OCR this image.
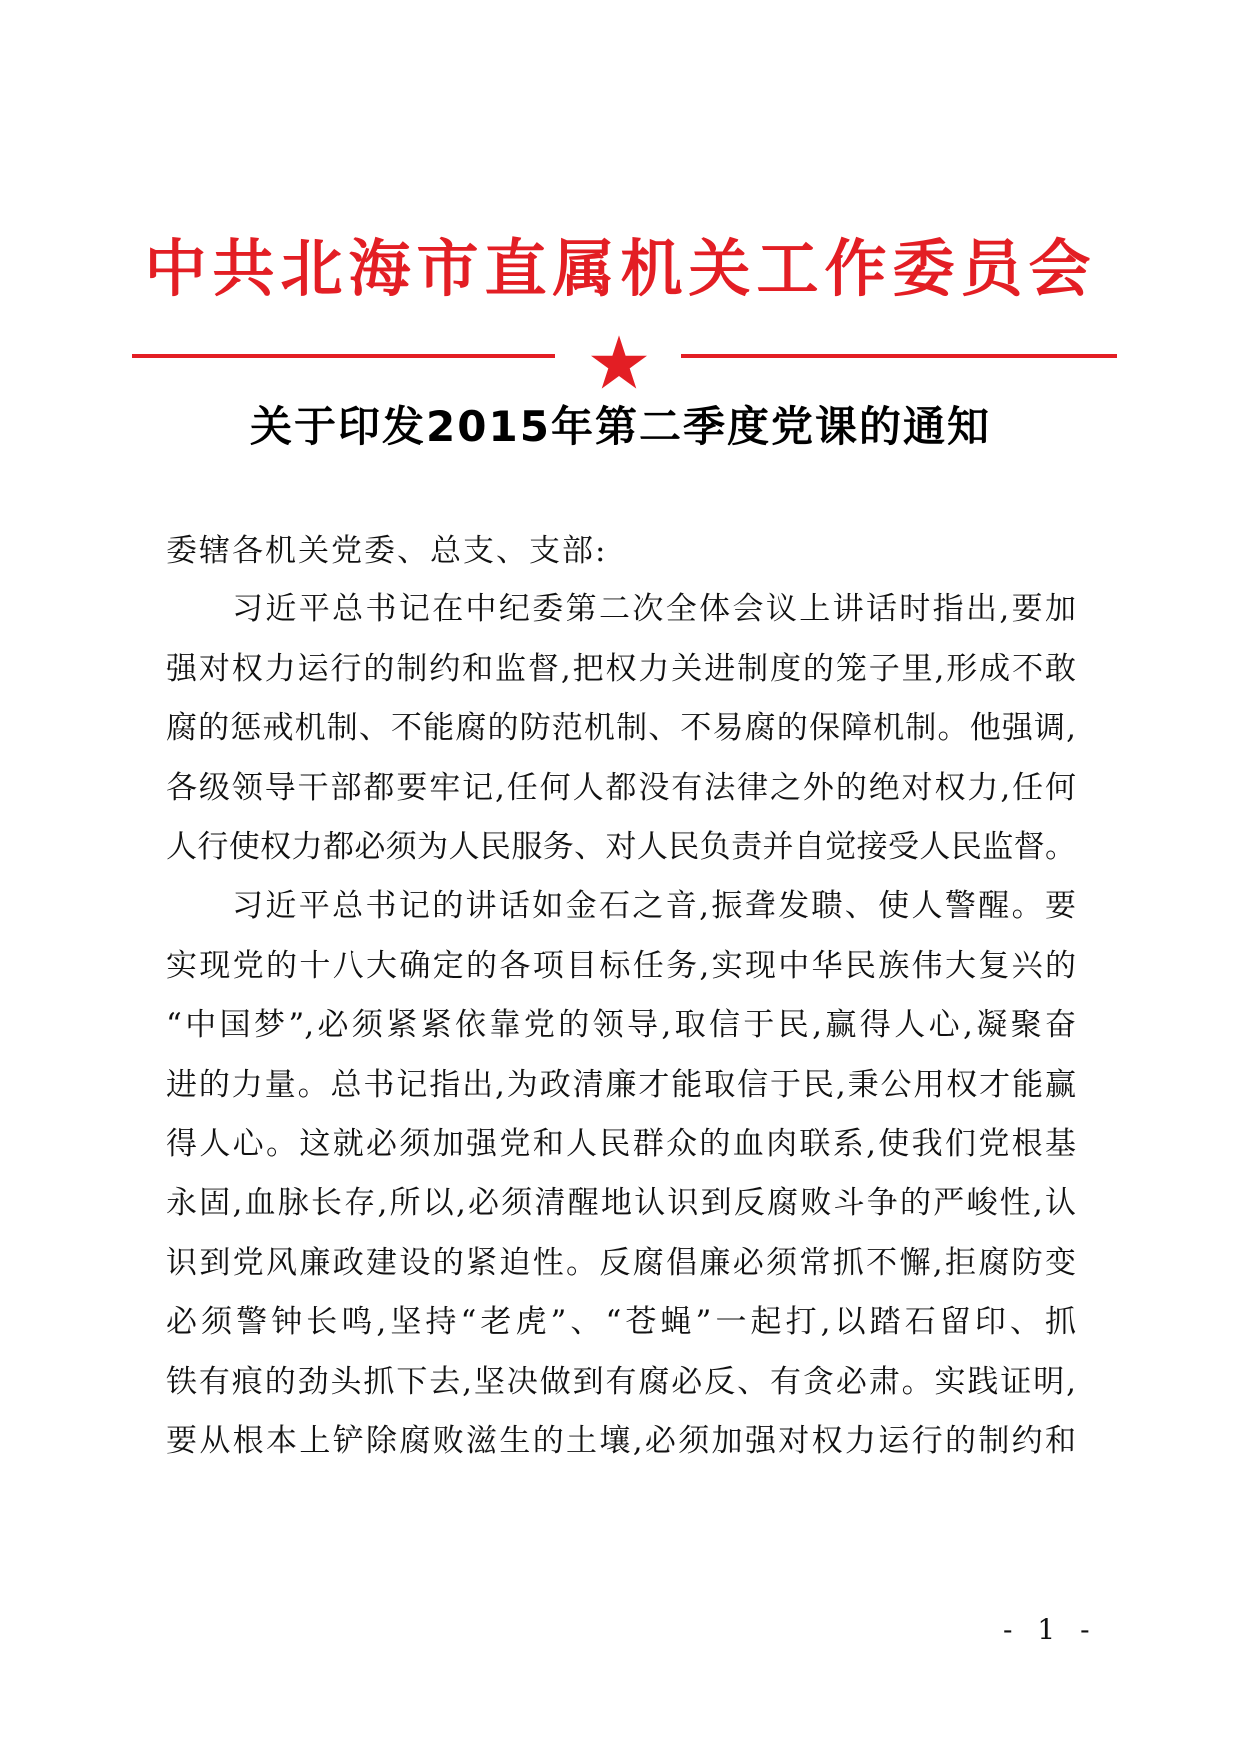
中共北海市直属机关工作委员会
关于印发2015年第二季度党课的通知
委辖各机关党委、总支、支部:
习近平总书记在中纪委第二次全体会议上讲话时指出,要加
强对权力运行的制约和监督,把权力关进制度的笼子里,形成不敢
腐的惩戒机制、不能腐的防范机制、不易腐的保障机制。他强调,
各级领导干部都要牢记,任何人都没有法律之外的绝对权力,任何
人行使权力都必须为人民服务、对人民负责并自觉接受人民监督。
习近平总书记的讲话如金石之音,振聋发聩、使人警醒。要
实现党的十八大确定的各项目标任务,实现中华民族伟大复兴的
“中国梦”,必须紧紧依靠党的领导,取信于民,赢得人心,凝聚奋
进的力量。总书记指出,为政清廉才能取信于民,秉公用权才能赢
得人心。这就必须加强党和人民群众的血肉联系,使我们党根基
永固,血脉长存,所以,必须清醒地认识到反腐败斗争的严峻性,认
识到党风廉政建设的紧迫性。反腐倡廉必须常抓不懈,拒腐防变
必须警钟长鸣,坚持“老虎”、“苍蝇”一起打,以踏石留印、抓
铁有痕的劲头抓下去,坚决做到有腐必反、有贪必肃。实践证明,
要从根本上铲除腐败滋生的土壤,必须加强对权力运行的制约和
- 1 -
